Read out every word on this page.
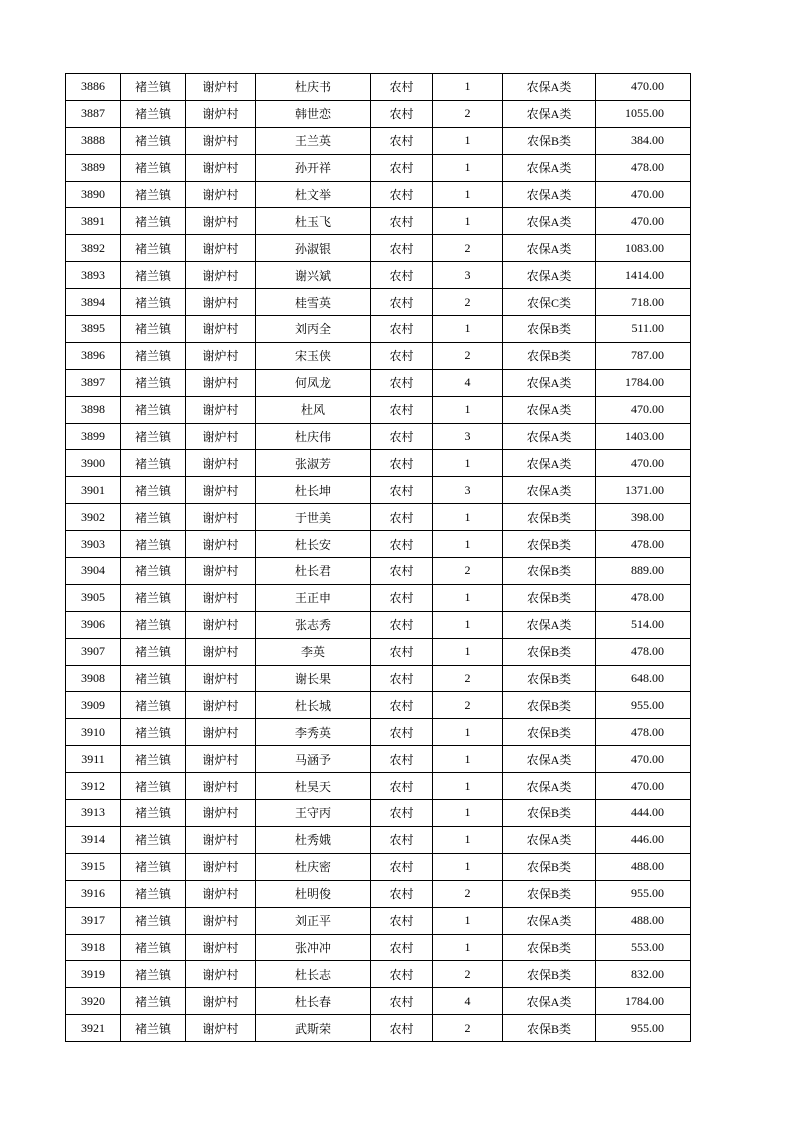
3886	褚兰镇	谢炉村	杜庆书	农村	1	农保A类	470.00
3887	褚兰镇	谢炉村	韩世恋	农村	2	农保A类	1055.00
3888	褚兰镇	谢炉村	王兰英	农村	1	农保B类	384.00
3889	褚兰镇	谢炉村	孙开祥	农村	1	农保A类	478.00
3890	褚兰镇	谢炉村	杜文举	农村	1	农保A类	470.00
3891	褚兰镇	谢炉村	杜玉飞	农村	1	农保A类	470.00
3892	褚兰镇	谢炉村	孙淑银	农村	2	农保A类	1083.00
3893	褚兰镇	谢炉村	谢兴斌	农村	3	农保A类	1414.00
3894	褚兰镇	谢炉村	桂雪英	农村	2	农保C类	718.00
3895	褚兰镇	谢炉村	刘丙全	农村	1	农保B类	511.00
3896	褚兰镇	谢炉村	宋玉侠	农村	2	农保B类	787.00
3897	褚兰镇	谢炉村	何凤龙	农村	4	农保A类	1784.00
3898	褚兰镇	谢炉村	杜风	农村	1	农保A类	470.00
3899	褚兰镇	谢炉村	杜庆伟	农村	3	农保A类	1403.00
3900	褚兰镇	谢炉村	张淑芳	农村	1	农保A类	470.00
3901	褚兰镇	谢炉村	杜长坤	农村	3	农保A类	1371.00
3902	褚兰镇	谢炉村	于世美	农村	1	农保B类	398.00
3903	褚兰镇	谢炉村	杜长安	农村	1	农保B类	478.00
3904	褚兰镇	谢炉村	杜长君	农村	2	农保B类	889.00
3905	褚兰镇	谢炉村	王正申	农村	1	农保B类	478.00
3906	褚兰镇	谢炉村	张志秀	农村	1	农保A类	514.00
3907	褚兰镇	谢炉村	李英	农村	1	农保B类	478.00
3908	褚兰镇	谢炉村	谢长果	农村	2	农保B类	648.00
3909	褚兰镇	谢炉村	杜长城	农村	2	农保B类	955.00
3910	褚兰镇	谢炉村	李秀英	农村	1	农保B类	478.00
3911	褚兰镇	谢炉村	马涵予	农村	1	农保A类	470.00
3912	褚兰镇	谢炉村	杜昊天	农村	1	农保A类	470.00
3913	褚兰镇	谢炉村	王守丙	农村	1	农保B类	444.00
3914	褚兰镇	谢炉村	杜秀娥	农村	1	农保A类	446.00
3915	褚兰镇	谢炉村	杜庆密	农村	1	农保B类	488.00
3916	褚兰镇	谢炉村	杜明俊	农村	2	农保B类	955.00
3917	褚兰镇	谢炉村	刘正平	农村	1	农保A类	488.00
3918	褚兰镇	谢炉村	张冲冲	农村	1	农保B类	553.00
3919	褚兰镇	谢炉村	杜长志	农村	2	农保B类	832.00
3920	褚兰镇	谢炉村	杜长春	农村	4	农保A类	1784.00
3921	褚兰镇	谢炉村	武斯荣	农村	2	农保B类	955.00
